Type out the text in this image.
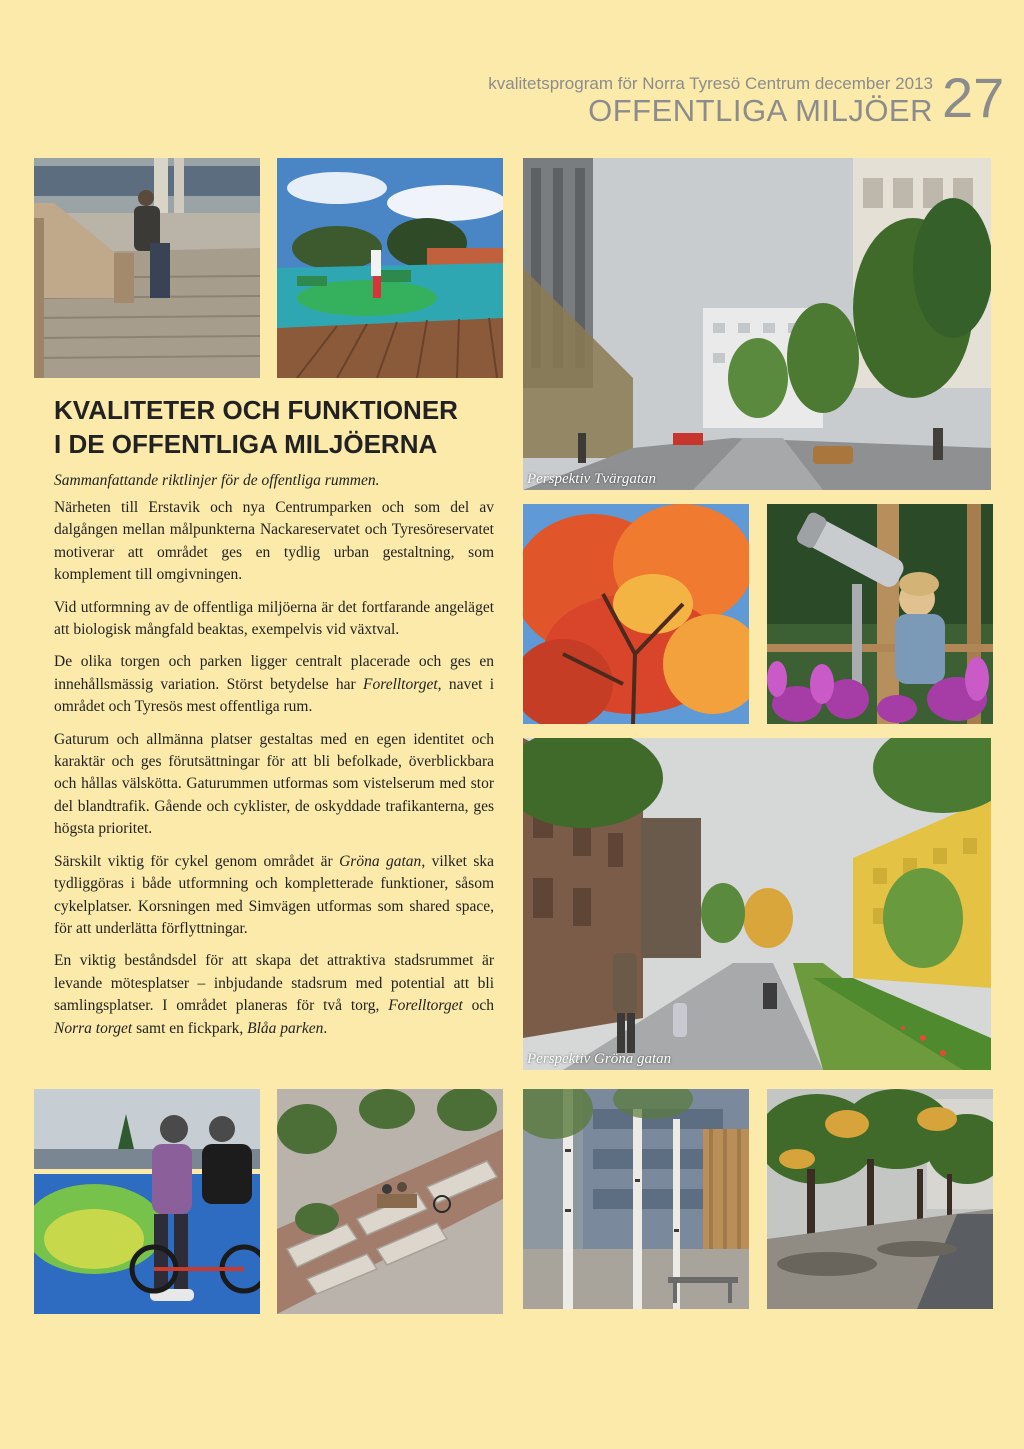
kvalitetsprogram för Norra Tyresö Centrum december 2013
OFFENTLIGA MILJÖER 27
Perspektiv Tvärgatan
KVALITETER OCH FUNKTIONER
I DE OFFENTLIGA MILJÖERNA
Sammanfattande riktlinjer för de offentliga rummen.

Närheten till Erstavik och nya Centrumparken och som del av dalgången mellan målpunkterna Nackareservatet och Tyresöreservatet motiverar att området ges en tydlig urban gestaltning, som komplement till omgivningen.

Vid utformning av de offentliga miljöerna är det fortfarande angeläget att biologisk mångfald beaktas, exempelvis vid växtval.

De olika torgen och parken ligger centralt placerade och ges en innehållsmässig variation. Störst betydelse har Forelltorget, navet i området och Tyresös mest offentliga rum.

Gaturum och allmänna platser gestaltas med en egen identitet och karaktär och ges förutsättningar för att bli befolkade, överblickbara och hållas välskötta. Gaturummen utformas som vistelserum med stor del blandtrafik. Gående och cyklister, de oskyddade trafikanterna, ges högsta prioritet.

Särskilt viktig för cykel genom området är Gröna gatan, vilket ska tydliggöras i både utformning och kompletterade funktioner, såsom cykelplatser. Korsningen med Simvägen utformas som shared space, för att underlätta förflyttningar.

En viktig beståndsdel för att skapa det attraktiva stadsrummet är levande mötesplatser – inbjudande stadsrum med potential att bli samlingsplatser. I området planeras för två torg, Forelltorget och Norra torget samt en fickpark, Blåa parken.

Perspektiv Gröna gatan
